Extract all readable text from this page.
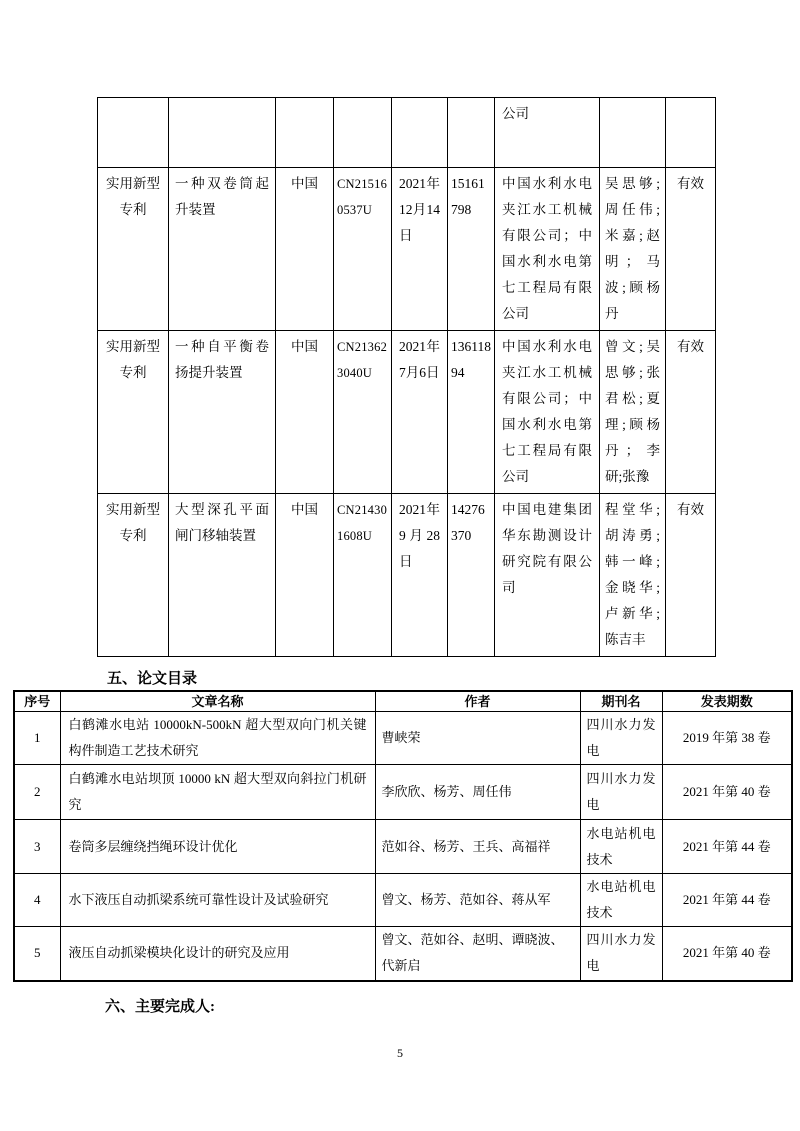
						公司		
实用新型专利	一种双卷筒起升装置	中国	CN215160537U	2021年12月14日	15161798	中国水利水电夹江水工机械有限公司；中国水利水电第七工程局有限公司	吴思够;周任伟;米嘉;赵明；马波;顾杨丹	有效
实用新型专利	一种自平衡卷扬提升装置	中国	CN213623040U	2021年7月6日	13611894	中国水利水电夹江水工机械有限公司；中国水利水电第七工程局有限公司	曾文;吴思够;张君松;夏理;顾杨丹；李研;张豫	有效
实用新型专利	大型深孔平面闸门移轴装置	中国	CN214301608U	2021年9月28日	14276370	中国电建集团华东勘测设计研究院有限公司	程堂华;胡涛勇;韩一峰;金晓华;卢新华;陈吉丰	有效
五、论文目录
序号	文章名称	作者	期刊名	发表期数
1	白鹤滩水电站 10000kN-500kN 超大型双向门机关键构件制造工艺技术研究	曹峡荣	四川水力发电	2019 年第 38 卷
2	白鹤滩水电站坝顶 10000 kN 超大型双向斜拉门机研究	李欣欣、杨芳、周任伟	四川水力发电	2021 年第 40 卷
3	卷筒多层缠绕挡绳环设计优化	范如谷、杨芳、王兵、高福祥	水电站机电技术	2021 年第 44 卷
4	水下液压自动抓梁系统可靠性设计及试验研究	曾文、杨芳、范如谷、蒋从军	水电站机电技术	2021 年第 44 卷
5	液压自动抓梁模块化设计的研究及应用	曾文、范如谷、赵明、谭晓波、代新启	四川水力发电	2021 年第 40 卷
六、主要完成人:
5
